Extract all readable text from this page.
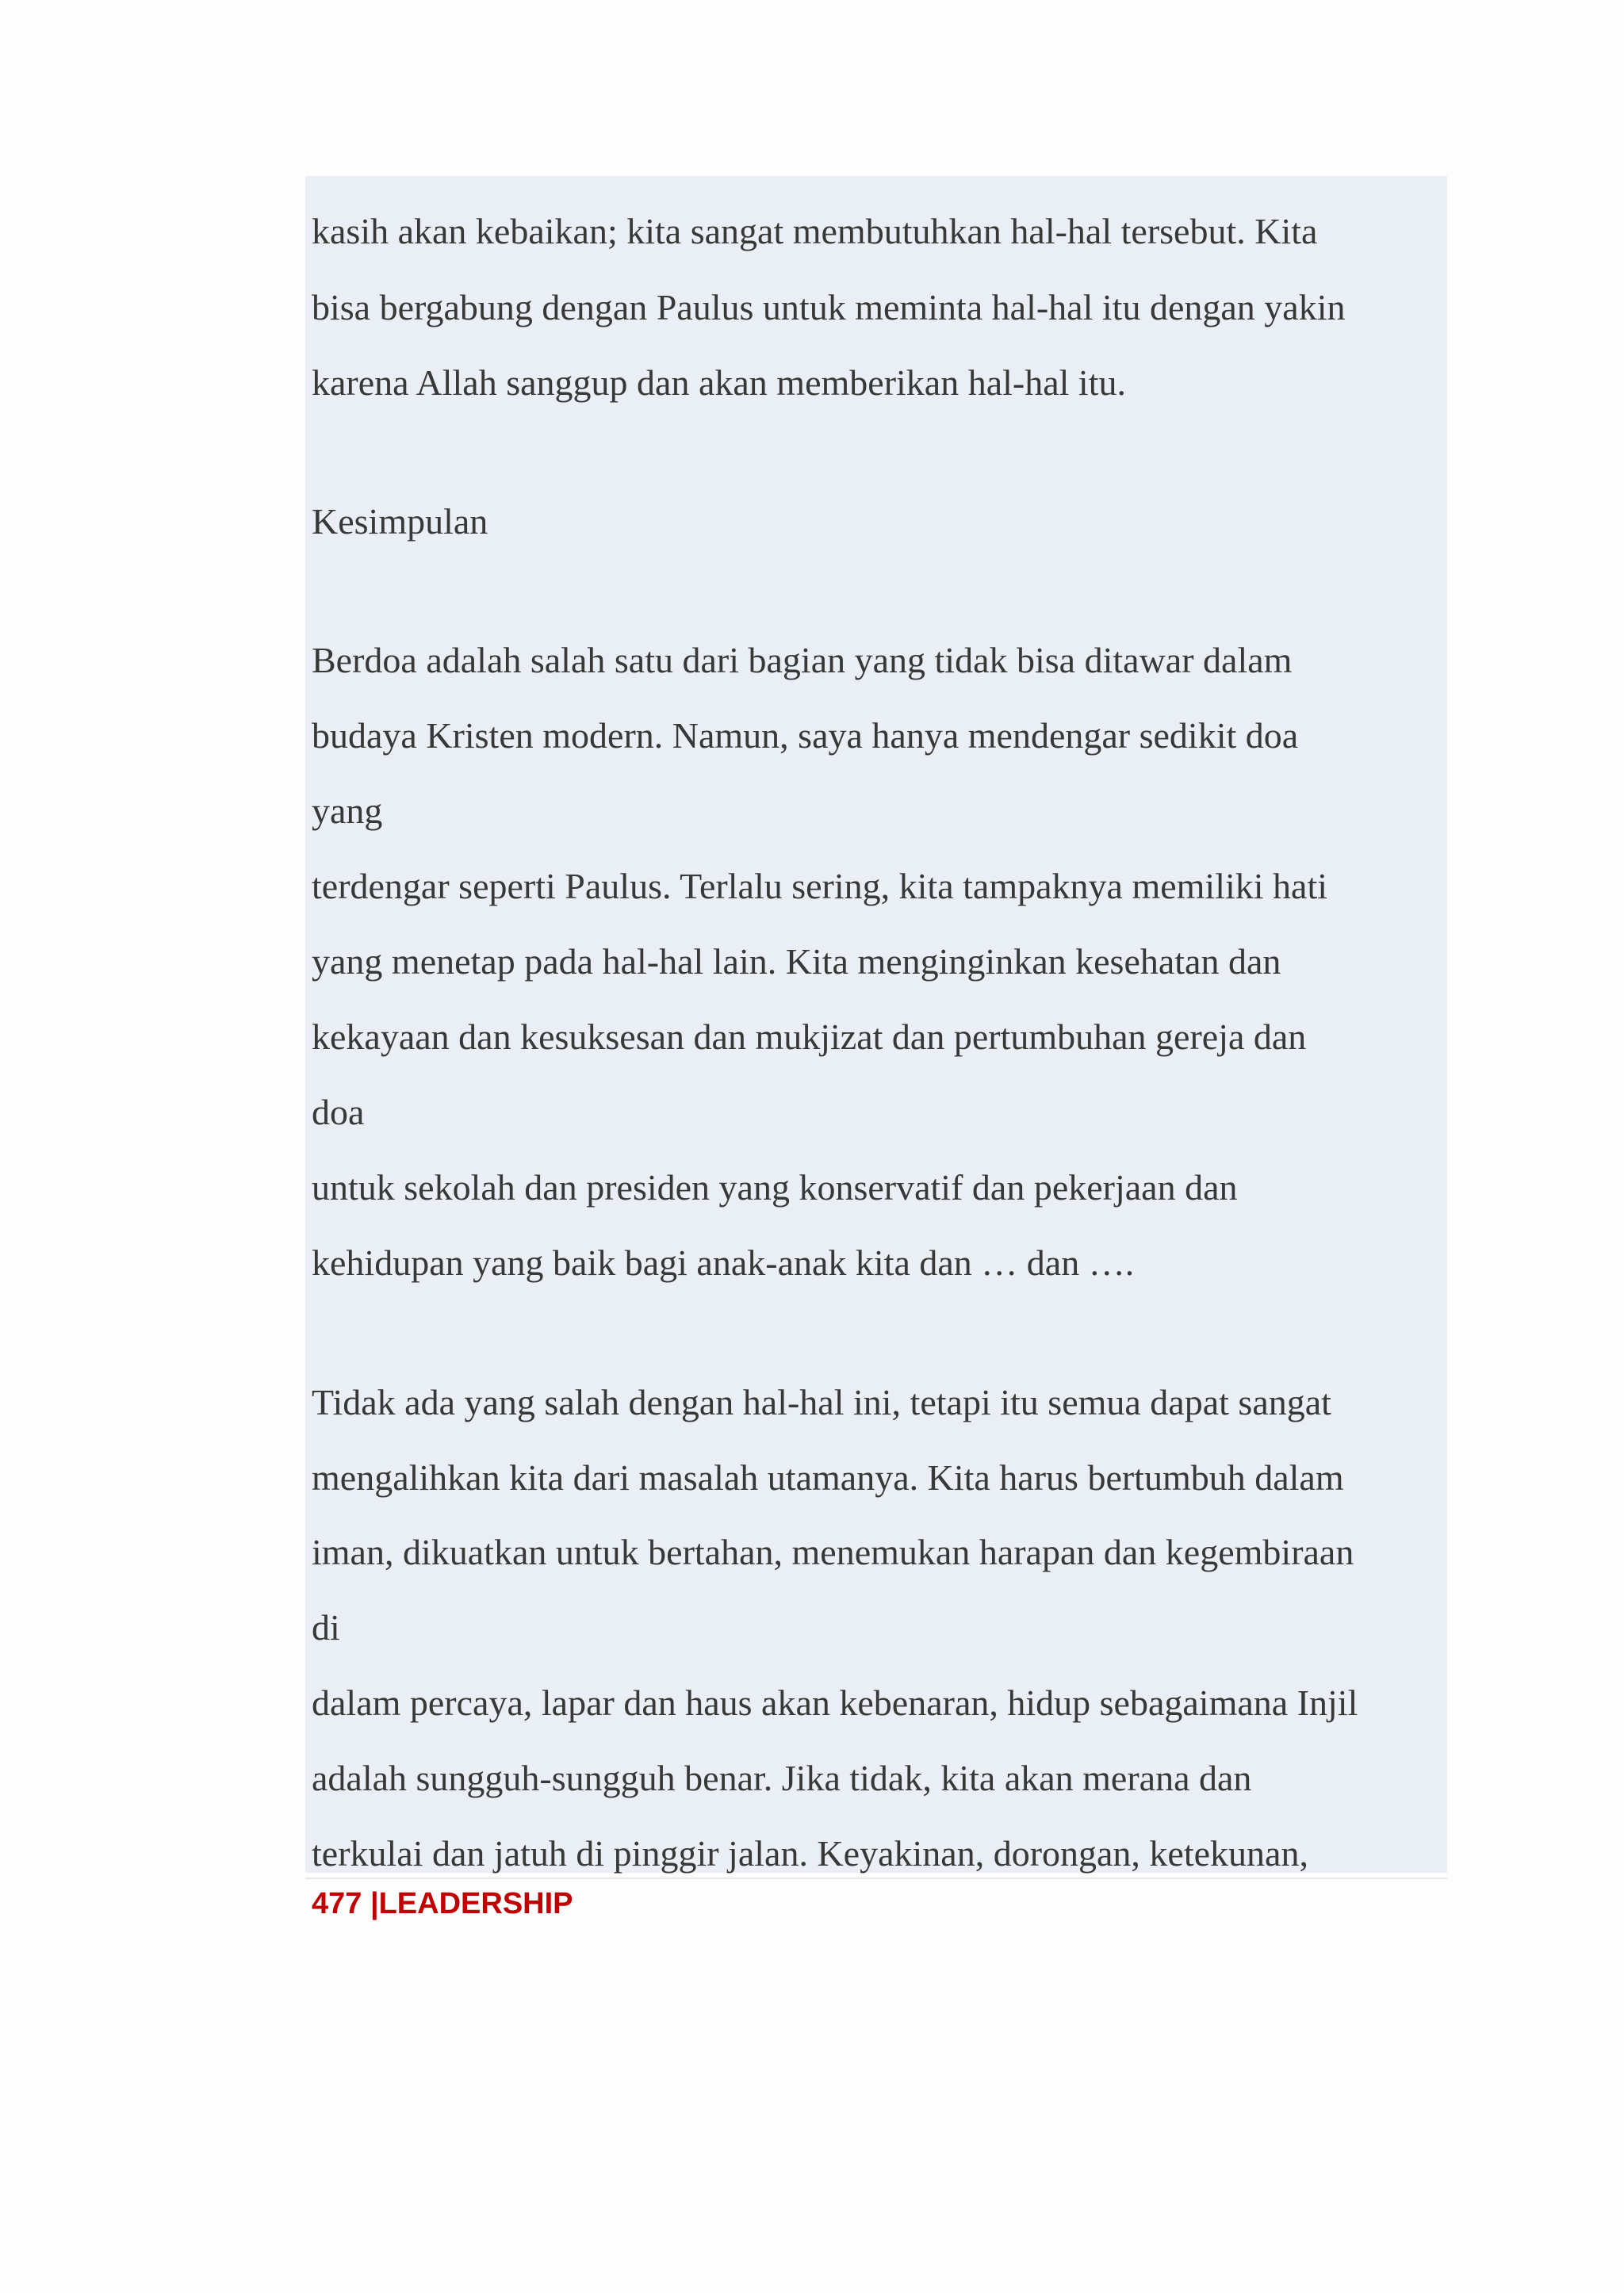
kasih akan kebaikan; kita sangat membutuhkan hal-hal tersebut. Kita
bisa bergabung dengan Paulus untuk meminta hal-hal itu dengan yakin
karena Allah sanggup dan akan memberikan hal-hal itu.
Kesimpulan
Berdoa adalah salah satu dari bagian yang tidak bisa ditawar dalam
budaya Kristen modern. Namun, saya hanya mendengar sedikit doa
yang
terdengar seperti Paulus. Terlalu sering, kita tampaknya memiliki hati
yang menetap pada hal-hal lain. Kita menginginkan kesehatan dan
kekayaan dan kesuksesan dan mukjizat dan pertumbuhan gereja dan
doa
untuk sekolah dan presiden yang konservatif dan pekerjaan dan
kehidupan yang baik bagi anak-anak kita dan … dan ….
Tidak ada yang salah dengan hal-hal ini, tetapi itu semua dapat sangat
mengalihkan kita dari masalah utamanya. Kita harus bertumbuh dalam
iman, dikuatkan untuk bertahan, menemukan harapan dan kegembiraan
di
dalam percaya, lapar dan haus akan kebenaran, hidup sebagaimana Injil
adalah sungguh-sungguh benar. Jika tidak, kita akan merana dan
terkulai dan jatuh di pinggir jalan. Keyakinan, dorongan, ketekunan,
477 |LEADERSHIP
